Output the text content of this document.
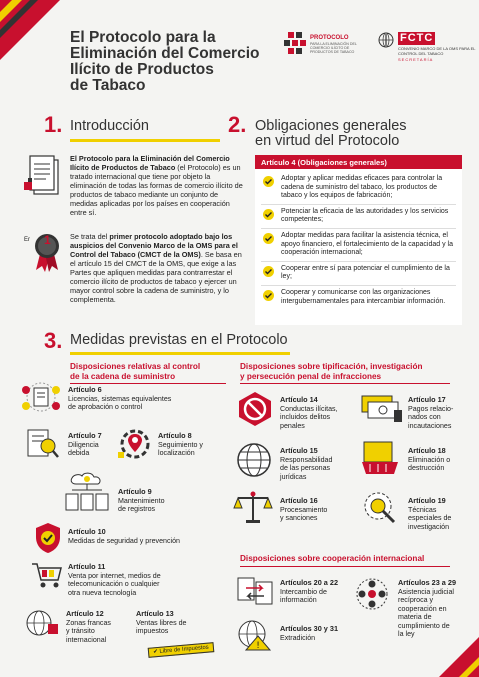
El Protocolo para la
Eliminación del Comercio
Ilícito de Productos
de Tabaco
PROTOCOLO
PARA LA ELIMINACIÓN DEL COMERCIO ILÍCITO DE PRODUCTOS DE TABACO
FCTC
CONVENIO MARCO DE LA OMS PARA EL CONTROL DEL TABACO
SECRETARÍA
1. Introducción
El Protocolo para la Eliminación del Comercio Ilícito de Productos de Tabaco (el Protocolo) es un tratado internacional que tiene por objeto la eliminación de todas las formas de comercio ilícito de productos de tabaco mediante un conjunto de medidas aplicadas por los países en cooperación entre sí.
1
Er	Se trata del primer protocolo adoptado bajo los auspicios del Convenio Marco de la OMS para el Control del Tabaco (CMCT de la OMS). Se basa en el artículo 15 del CMCT de la OMS, que exige a las Partes que apliquen medidas para contrarrestar el comercio ilícito de productos de tabaco y ejercer un mayor control sobre la cadena de suministro, y lo complementa.
2. Obligaciones generales
en virtud del Protocolo
Artículo 4 (Obligaciones generales)
Adoptar y aplicar medidas eficaces para controlar la cadena de suministro del tabaco, los productos de tabaco y los equipos de fabricación;
Potenciar la eficacia de las autoridades y los servicios competentes;
Adoptar medidas para facilitar la asistencia técnica, el apoyo financiero, el fortalecimiento de la capacidad y la cooperación internacional;
Cooperar entre sí para potenciar el cumplimiento de la ley;
Cooperar y comunicarse con las organizaciones intergubernamentales para intercambiar información.
3. Medidas previstas en el Protocolo
Disposiciones relativas al control
de la cadena de suministro
Artículo 6
Licencias, sistemas equivalentes
de aprobación o control
Artículo 7
Diligencia
debida
Artículo 8
Seguimiento y
localización
Artículo 9
Mantenimiento
de registros
Artículo 10
Medidas de seguridad y prevención
Artículo 11
Venta por internet, medios de
telecomunicación o cualquier
otra nueva tecnología
Artículo 12
Zonas francas
y tránsito
internacional
Artículo 13
Ventas libres de
impuestos
✔ Libre de Impuestos
Disposiciones sobre tipificación, investigación
y persecución penal de infracciones
Artículo 14
Conductas ilícitas,
incluidos delitos
penales
Artículo 17
Pagos relacio-
nados con
incautaciones
Artículo 15
Responsabilidad
de las personas
jurídicas
Artículo 18
Eliminación o
destrucción
Artículo 16
Procesamiento
y sanciones
Artículo 19
Técnicas
especiales de
investigación
Disposiciones sobre cooperación internacional
Artículos 20 a 22
Intercambio de
información
Artículos 23 a 29
Asistencia judicial
recíproca y
cooperación en
materia de
cumplimiento de
la ley
!
Artículos 30 y 31
Extradición
